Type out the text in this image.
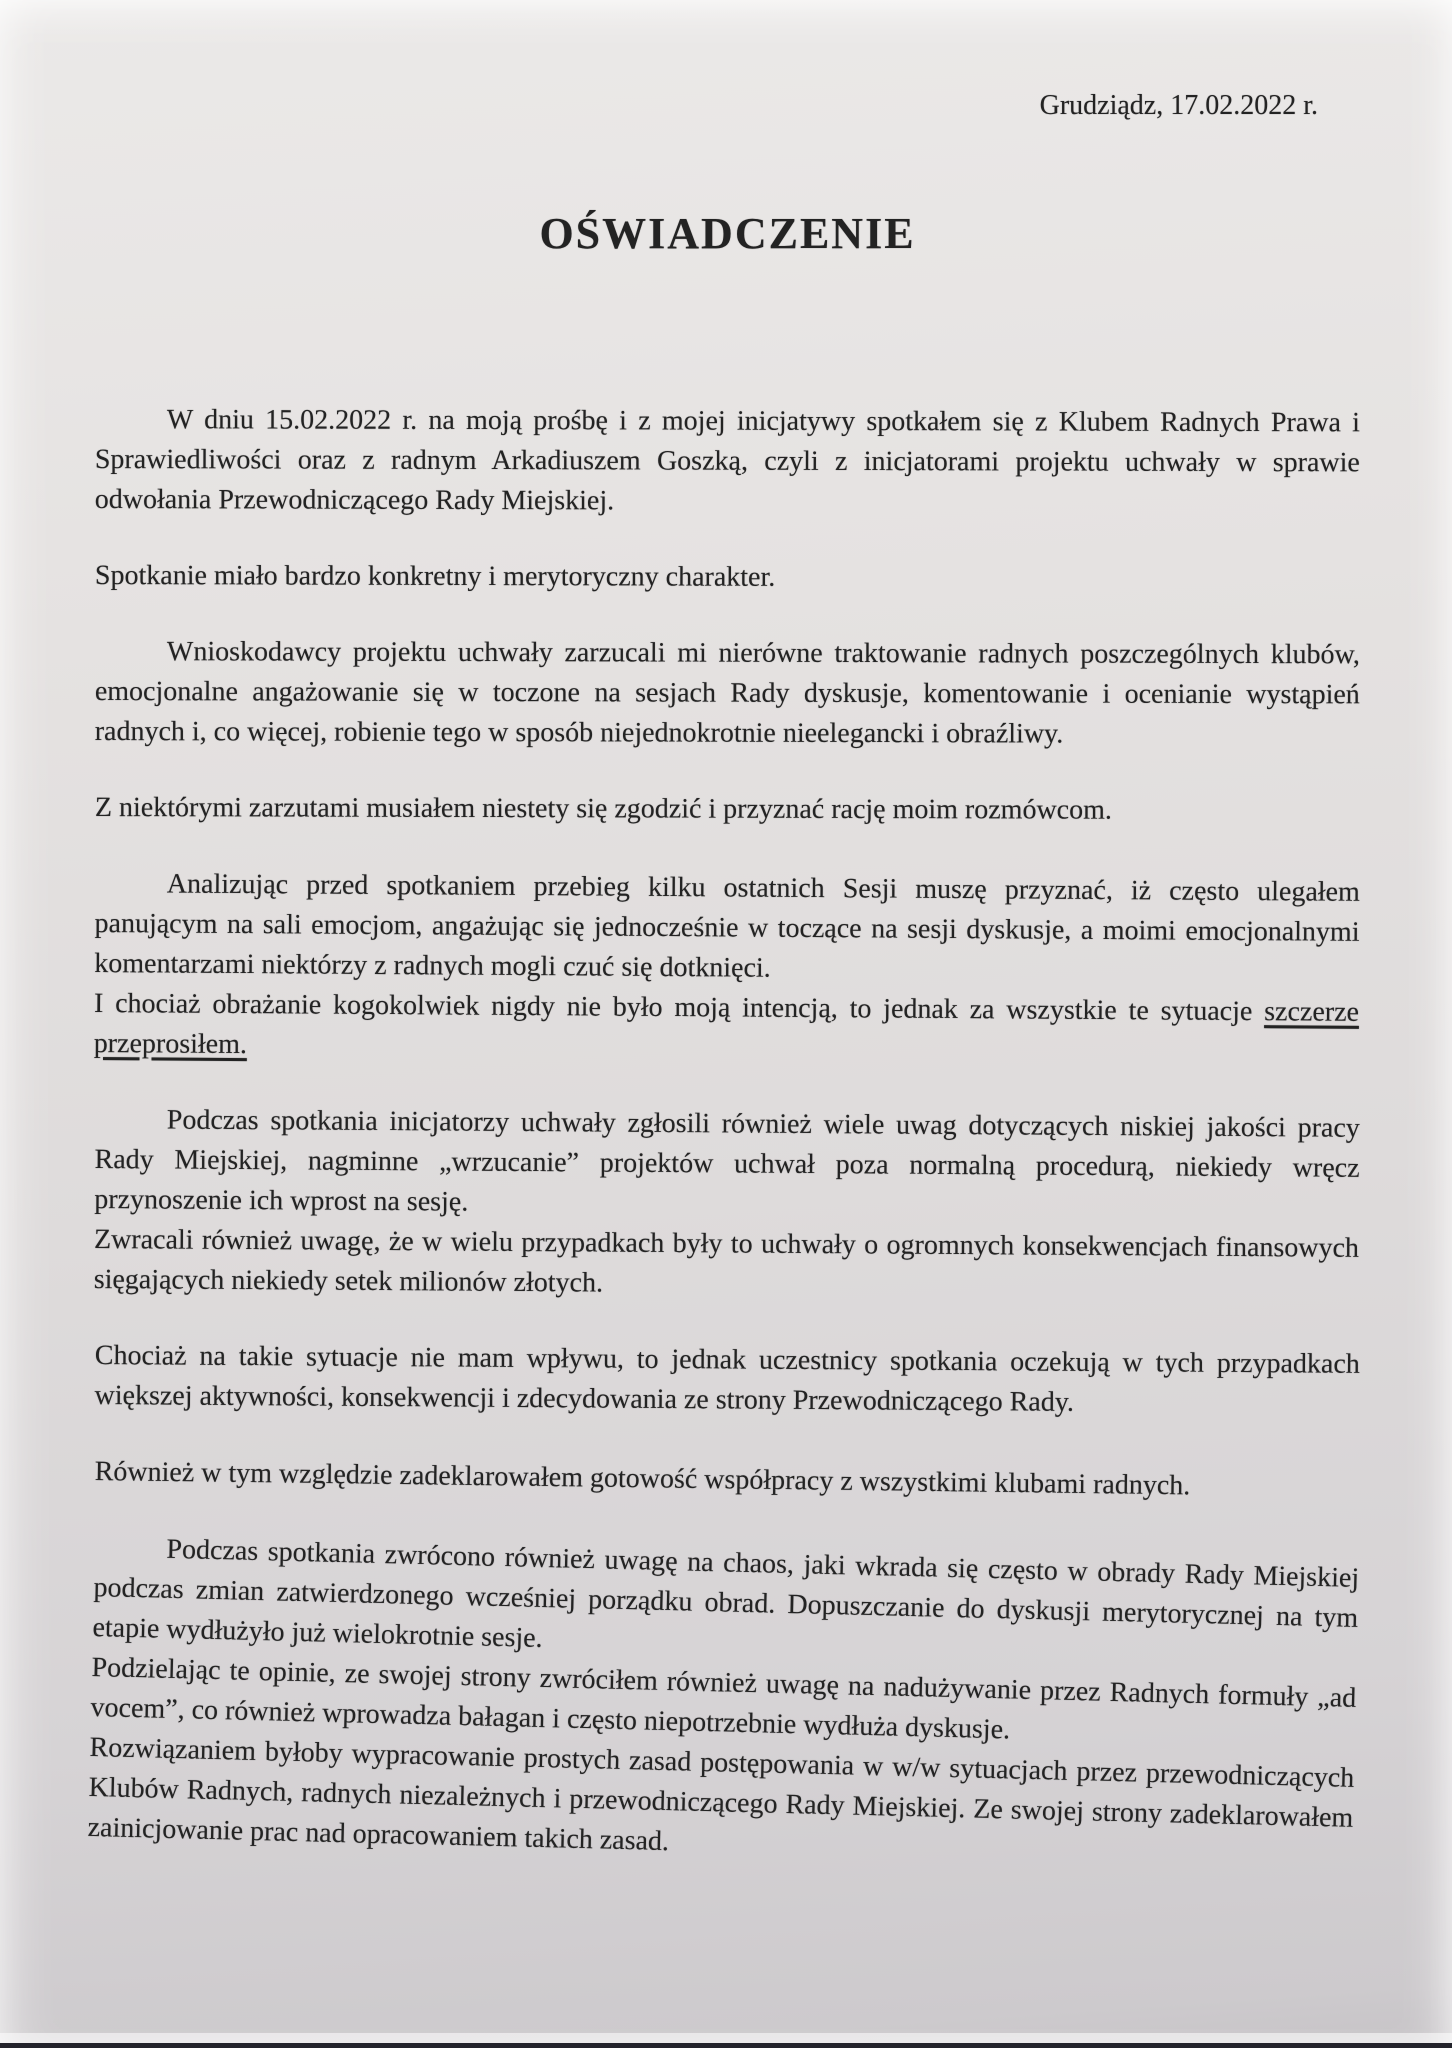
Grudziądz, 17.02.2022 r.
OŚWIADCZENIE
W dniu 15.02.2022 r. na moją prośbę i z mojej inicjatywy spotkałem się z Klubem Radnych Prawa i Sprawiedliwości oraz z radnym Arkadiuszem Goszką, czyli z inicjatorami projektu uchwały w sprawie odwołania Przewodniczącego Rady Miejskiej.
Spotkanie miało bardzo konkretny i merytoryczny charakter.
Wnioskodawcy projektu uchwały zarzucali mi nierówne traktowanie radnych poszczególnych klubów, emocjonalne angażowanie się w toczone na sesjach Rady dyskusje, komentowanie i ocenianie wystąpień radnych i, co więcej, robienie tego w sposób niejednokrotnie nieelegancki i obraźliwy.
Z niektórymi zarzutami musiałem niestety się zgodzić i przyznać rację moim rozmówcom.

Analizując przed spotkaniem przebieg kilku ostatnich Sesji muszę przyznać, iż często ulegałem panującym na sali emocjom, angażując się jednocześnie w toczące na sesji dyskusje, a moimi emocjonalnymi komentarzami niektórzy z radnych mogli czuć się dotknięci.

I chociaż obrażanie kogokolwiek nigdy nie było moją intencją, to jednak za wszystkie te sytuacje szczerze przeprosiłem.

Podczas spotkania inicjatorzy uchwały zgłosili również wiele uwag dotyczących niskiej jakości pracy Rady Miejskiej, nagminne „wrzucanie” projektów uchwał poza normalną procedurą, niekiedy wręcz przynoszenie ich wprost na sesję.

Zwracali również uwagę, że w wielu przypadkach były to uchwały o ogromnych konsekwencjach finansowych sięgających niekiedy setek milionów złotych.

Chociaż na takie sytuacje nie mam wpływu, to jednak uczestnicy spotkania oczekują w tych przypadkach większej aktywności, konsekwencji i zdecydowania ze strony Przewodniczącego Rady.
Również w tym względzie zadeklarowałem gotowość współpracy z wszystkimi klubami radnych.

Podczas spotkania zwrócono również uwagę na chaos, jaki wkrada się często w obrady Rady Miejskiej podczas zmian zatwierdzonego wcześniej porządku obrad. Dopuszczanie do dyskusji merytorycznej na tym etapie wydłużyło już wielokrotnie sesje.

Podzielając te opinie, ze swojej strony zwróciłem również uwagę na nadużywanie przez Radnych formuły „ad vocem”, co również wprowadza bałagan i często niepotrzebnie wydłuża dyskusje.

Rozwiązaniem byłoby wypracowanie prostych zasad postępowania w w/w sytuacjach przez przewodniczących Klubów Radnych, radnych niezależnych i przewodniczącego Rady Miejskiej. Ze swojej strony zadeklarowałem zainicjowanie prac nad opracowaniem takich zasad.
